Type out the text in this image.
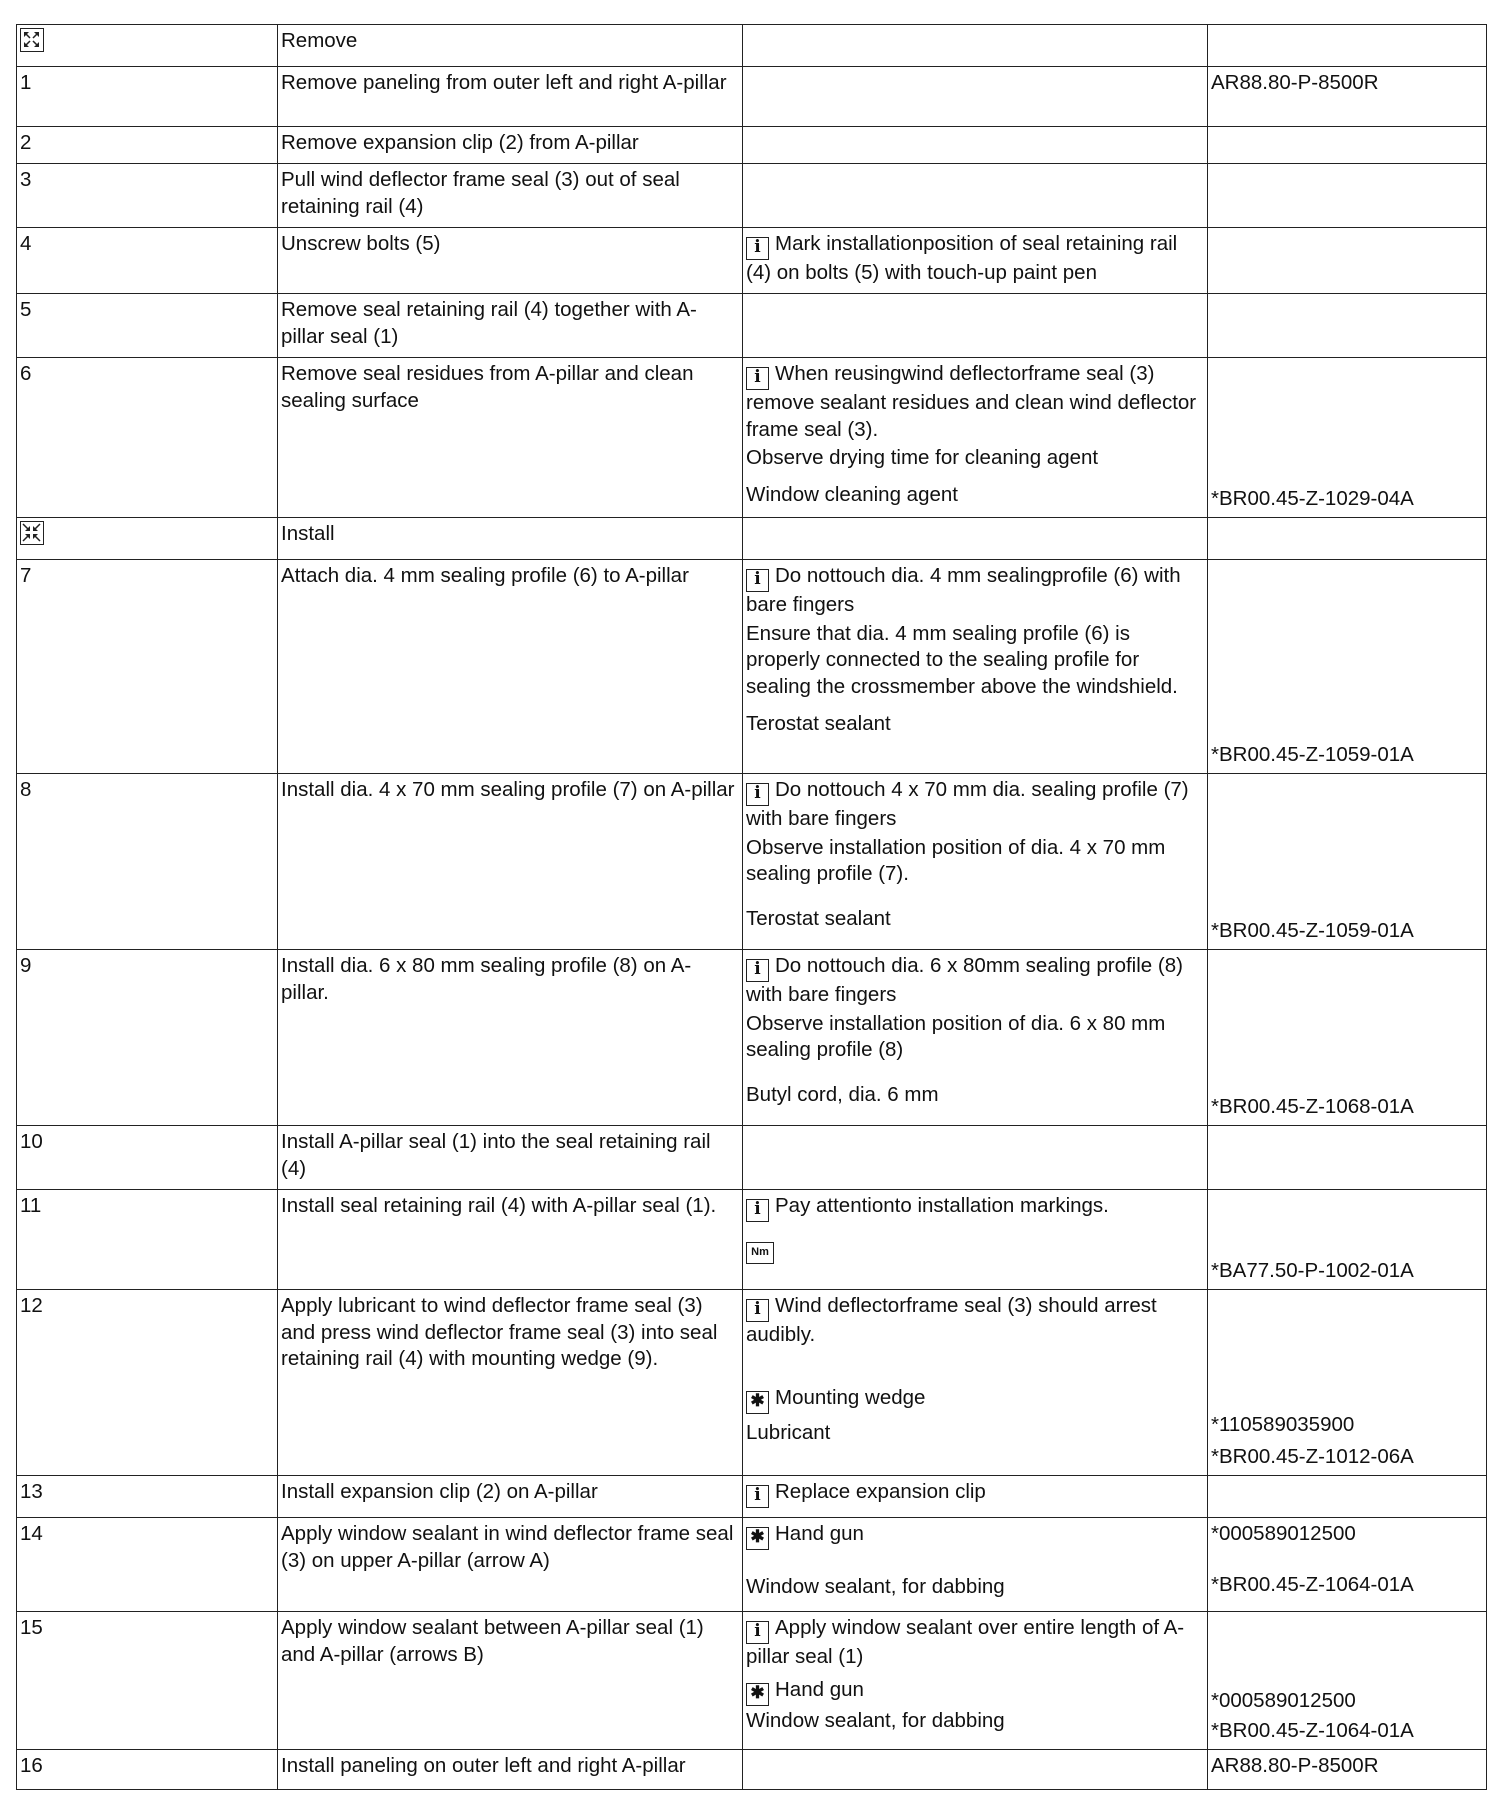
	Remove		
1	Remove paneling from outer left and right A-pillar		AR88.80-P-8500R
2	Remove expansion clip (2) from A-pillar		
3	Pull wind deflector frame seal (3) out of seal retaining rail (4)		
4	Unscrew bolts (5)	i Mark installationposition of seal retaining rail (4) on bolts (5) with touch-up paint pen	

5	Remove seal retaining rail (4) together with A-pillar seal (1)		
6	Remove seal residues from A-pillar and clean sealing surface	i When reusingwind deflectorframe seal (3) remove sealant residues and clean wind deflector frame seal (3).
Observe drying time for cleaning agent
Window cleaning agent	*BR00.45-Z-1029-04A

	Install		
7	Attach dia. 4 mm sealing profile (6) to A-pillar	i Do nottouch dia. 4 mm sealingprofile (6) with bare fingers
Ensure that dia. 4 mm sealing profile (6) is properly connected to the sealing profile for sealing the crossmember above the windshield.
Terostat sealant	*BR00.45-Z-1059-01A
8	Install dia. 4 x 70 mm sealing profile (7) on A-pillar	i Do nottouch 4 x 70 mm dia. sealing profile (7) with bare fingers
Observe installation position of dia. 4 x 70 mm sealing profile (7).
Terostat sealant	*BR00.45-Z-1059-01A
9	Install dia. 6 x 80 mm sealing profile (8) on A-pillar.	i Do nottouch dia. 6 x 80mm sealing profile (8) with bare fingers
Observe installation position of dia. 6 x 80 mm sealing profile (8)
Butyl cord, dia. 6 mm	*BR00.45-Z-1068-01A
10	Install A-pillar seal (1) into the seal retaining rail (4)		
11	Install seal retaining rail (4) with A-pillar seal (1).	i Pay attentionto installation markings.
Nm	*BA77.50-P-1002-01A
12	Apply lubricant to wind deflector frame seal (3) and press wind deflector frame seal (3) into seal retaining rail (4) with mounting wedge (9).	i Wind deflectorframe seal (3) should arrest audibly.
✱ Mounting wedge
Lubricant	*110589035900
*BR00.45-Z-1012-06A

13	Install expansion clip (2) on A-pillar	i Replace expansion clip	

14	Apply window sealant in wind deflector frame seal (3) on upper A-pillar (arrow A)	✱ Hand gun
Window sealant, for dabbing	*000589012500
*BR00.45-Z-1064-01A

15	Apply window sealant between A-pillar seal (1) and A-pillar (arrows B)	i Apply window sealant over entire length of A-pillar seal (1)
✱ Hand gun
Window sealant, for dabbing	*000589012500
*BR00.45-Z-1064-01A

16	Install paneling on outer left and right A-pillar		AR88.80-P-8500R
